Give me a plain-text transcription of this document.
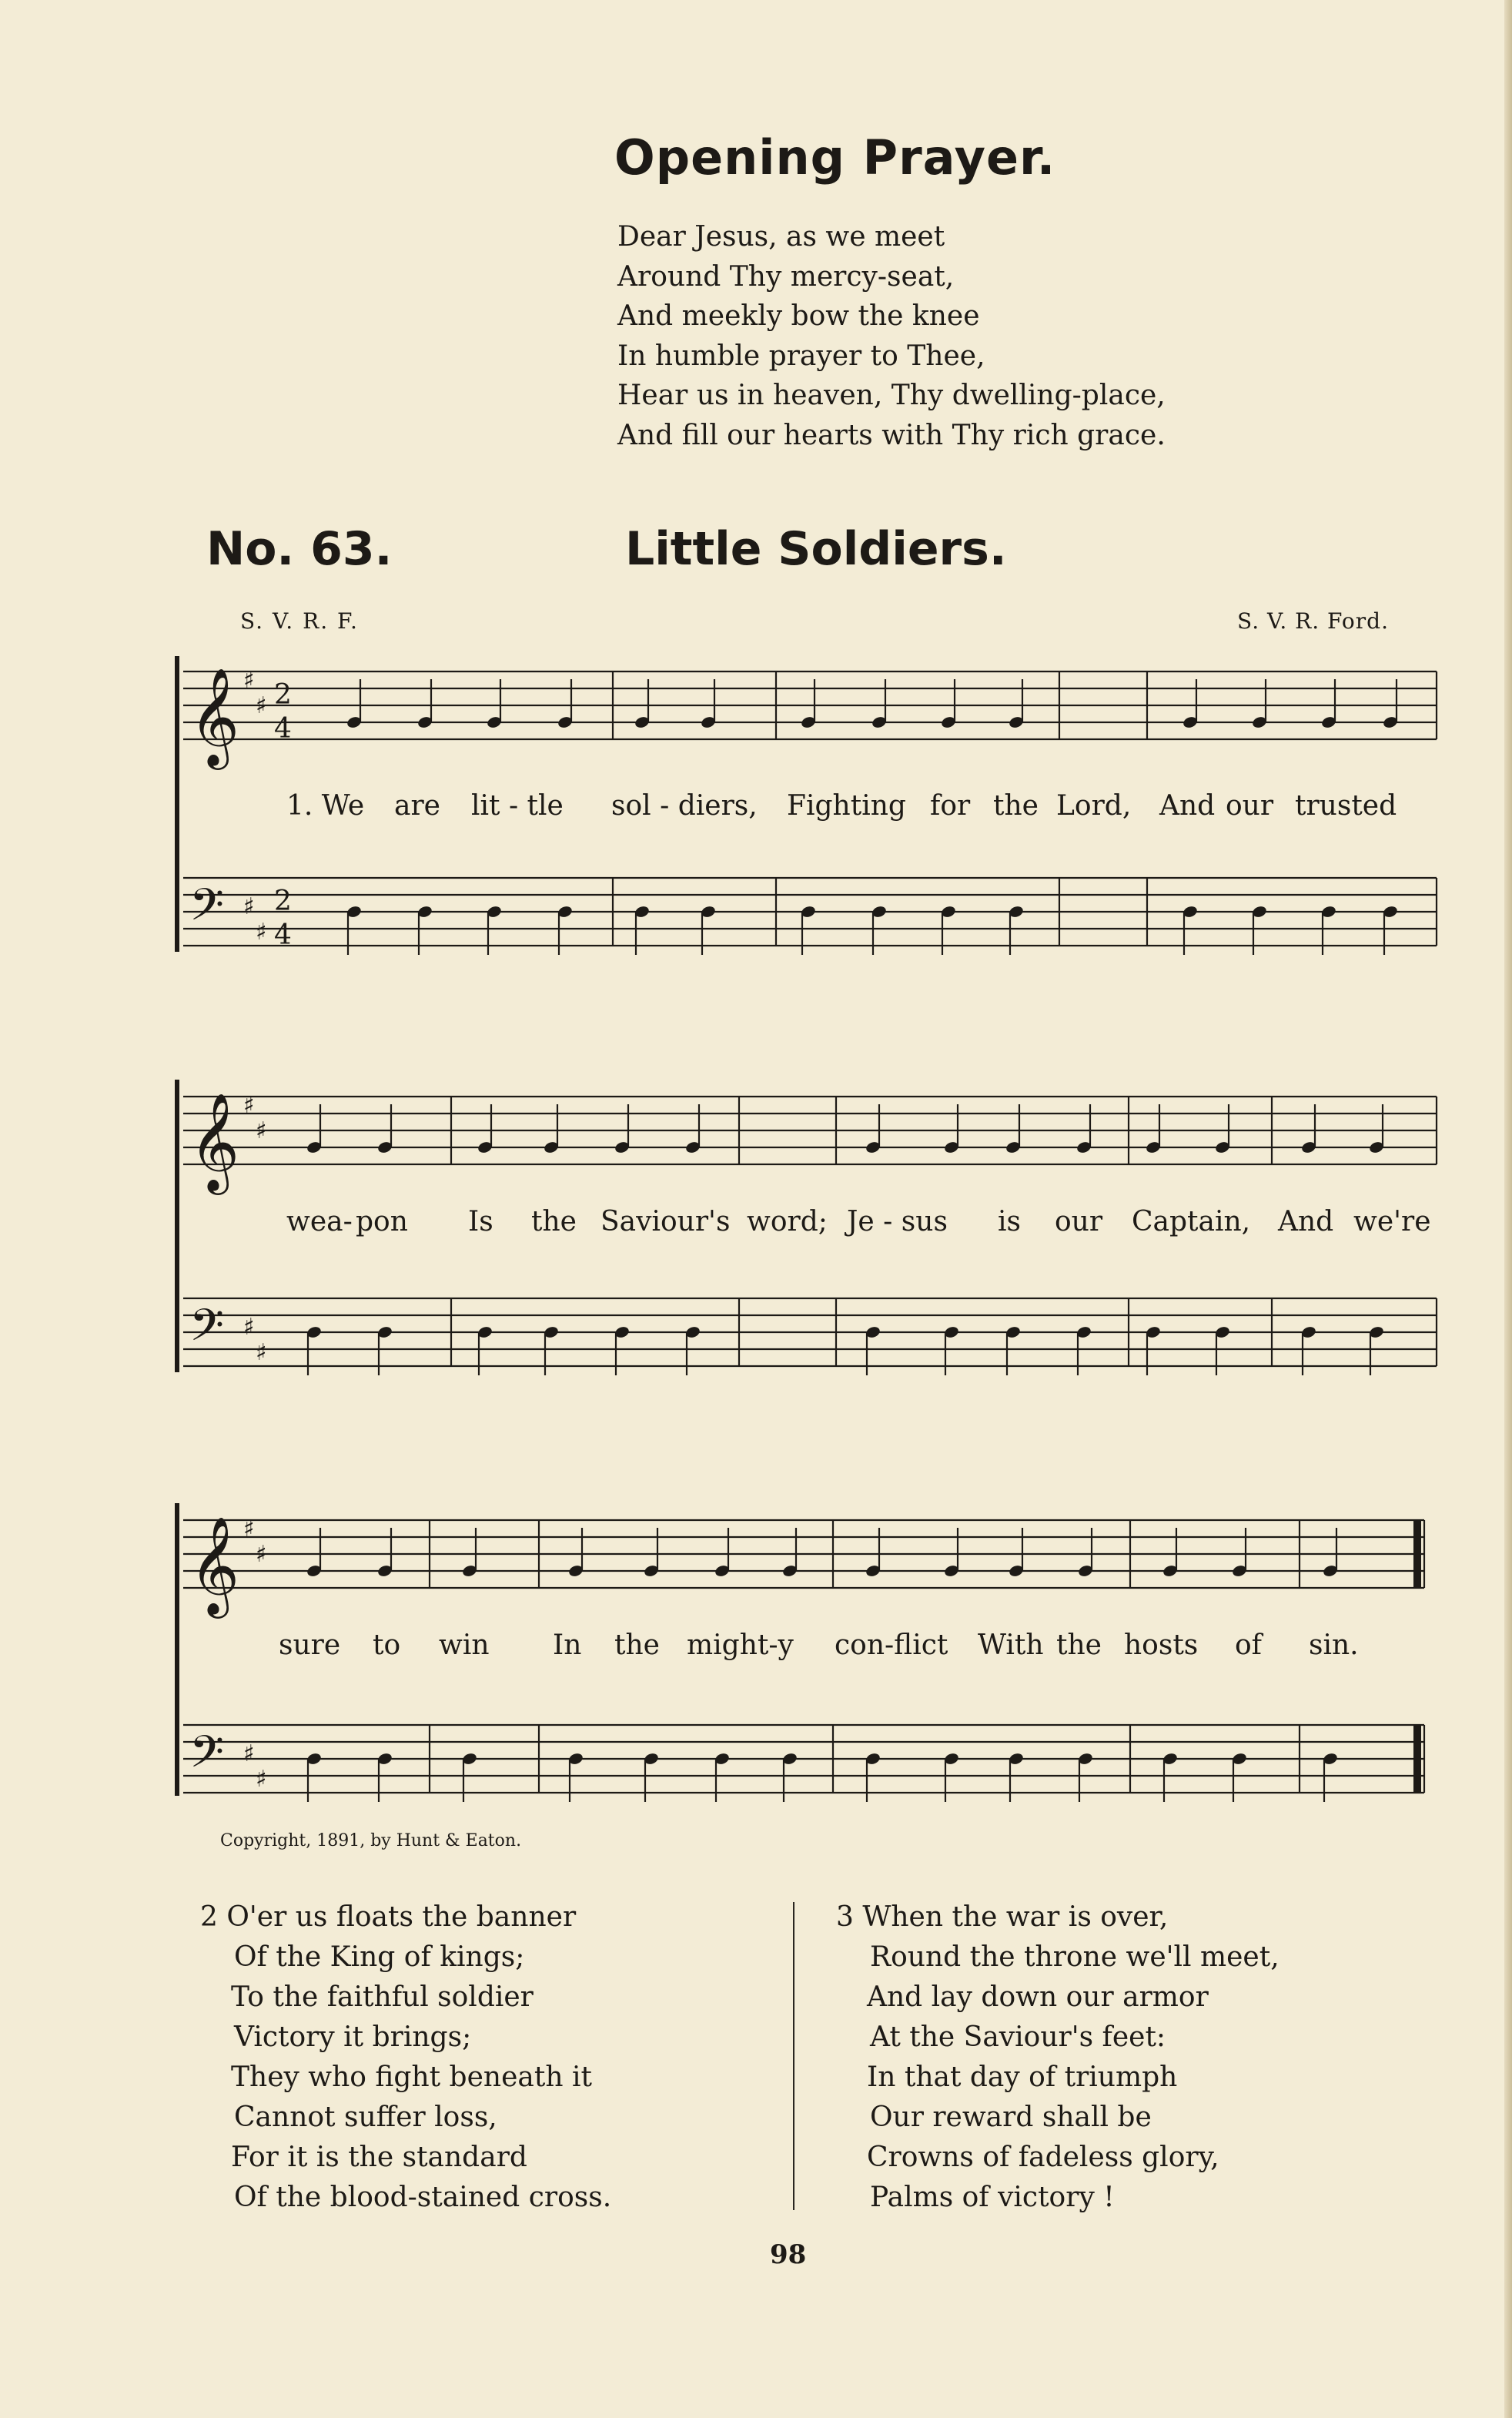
Opening Prayer.
Dear Jesus, as we meet
Around Thy mercy-seat,
And meekly bow the knee
In humble prayer to Thee,
Hear us in heaven, Thy dwelling-place,
And fill our hearts with Thy rich grace.
No. 63.	Little Soldiers.
S. V. R. F.	S. V. R. Ford.
𝄞 ♯
♯ 2
4
𝄢 ♯
♯
2
4
𝄞 ♯
♯
𝄢 ♯
♯
𝄞 ♯
♯
𝄢 ♯
♯
1. We are lit - tle sol - diers, Fighting for the Lord, And our trusted
wea- pon Is the Saviour's word; Je - sus is our Captain, And we're
sure to win In the might-y con-flict With the hosts of sin.
Copyright, 1891, by Hunt & Eaton.
2 O'er us floats the banner
Of the King of kings;
To the faithful soldier
Victory it brings;
They who fight beneath it
Cannot suffer loss,
For it is the standard
Of the blood-stained cross.
3 When the war is over,
Round the throne we'll meet,
And lay down our armor
At the Saviour's feet:
In that day of triumph
Our reward shall be
Crowns of fadeless glory,
Palms of victory !
98
